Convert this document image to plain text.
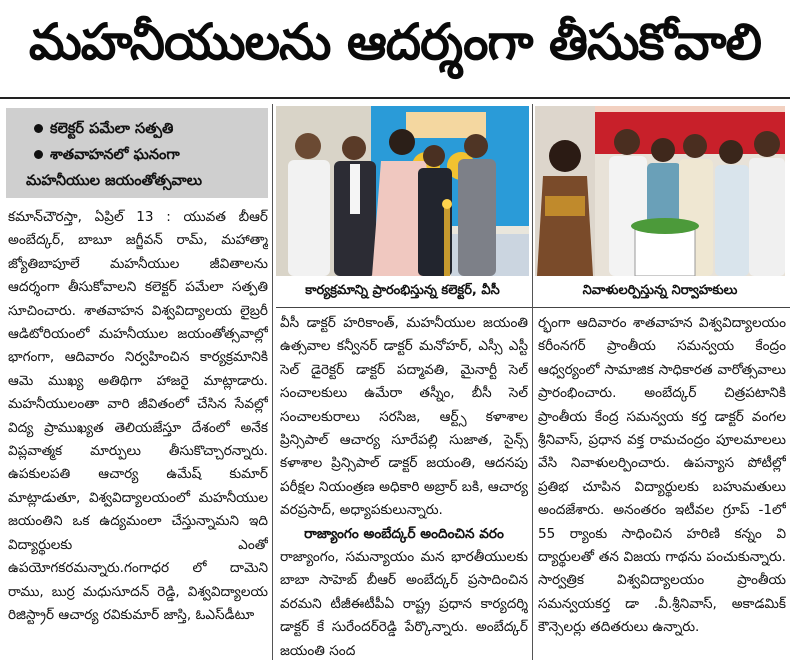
మహనీయులను ఆదర్శంగా తీసుకోవాలి
కలెక్టర్ పమేలా సత్పతి
శాతవాహనలో ఘనంగా
మహనీయుల జయంతోత్సవాలు
కార్యక్రమాన్ని ప్రారంభిస్తున్న కలెక్టర్, వీసీ	నివాళులర్పిస్తున్న నిర్వాహకులు

కమాన్‌చౌరస్తా, ఏప్రిల్ 13 : యువత బీఆర్ అంబేద్కర్, బాబూ జగ్జీవన్ రామ్, మహాత్మా జ్యోతిబాపూలే మహనీయుల జీవితాలను ఆదర్శంగా తీసుకోవాలని కలెక్టర్ పమేలా సత్పతి సూచించారు. శాతవాహన విశ్వవిద్యాలయ లైబ్రరీ ఆడిటోరియంలో మహనీయుల జయంతోత్సవాల్లో భాగంగా, ఆదివారం నిర్వహించిన కార్యక్రమానికి ఆమె ముఖ్య అతిథిగా హాజరై మాట్లాడారు. మహనీయులంతా వారి జీవితంలో చేసిన సేవల్లో విద్య ప్రాముఖ్యత తెలియజేస్తూ దేశంలో అనేక విప్లవాత్మక మార్పులు తీసుకొచ్చారన్నారు. ఉపకులపతి ఆచార్య ఉమేష్ కుమార్ మాట్లాడుతూ, విశ్వవిద్యాలయంలో మహనీయుల జయంతిని ఒక ఉద్యమంలా చేస్తున్నామని ఇది విద్యార్థులకు ఎంతో ఉపయోగకరమన్నారు.గంగాధర లో దామెని రాము, బుర్ర మధుసూదన్ రెడ్డి, విశ్వవిద్యాలయ రిజిస్ట్రార్ ఆచార్య రవికుమార్ జాస్తి, ఓఎస్‌డీటూ

వీసీ డాక్టర్ హరికాంత్, మహనీయుల జయంతి ఉత్సవాల కన్వీనర్ డాక్టర్ మనోహర్, ఎస్సీ ఎస్టీ సెల్ డైరెక్టర్ డాక్టర్ పద్మావతి, మైనార్టీ సెల్ సంచాలకులు ఉమేరా తస్నీం, బీసీ సెల్ సంచాలకురాలు సరసిజ, ఆర్ట్స్ కళాశాల ప్రిన్సిపాల్ ఆచార్య సూరేపల్లి సుజాత, సైన్స్ కళాశాల ప్రిన్సిపాల్ డాక్టర్ జయంతి, ఆదనపు పరీక్షల నియంత్రణ అధికారి అబ్రార్ బకి, ఆచార్య వరప్రసాద్, అధ్యాపకులున్నారు.

రాజ్యాంగం అంబేద్కర్ అందించిన వరం

రాజ్యాంగం, సమన్యాయం మన భారతీయులకు బాబా సాహెబ్ బీఆర్ అంబేద్కర్ ప్రసాదించిన వరమని టీజీఈటీపీఏ రాష్ట్ర ప్రధాన కార్యదర్శి డాక్టర్ కే సురేందర్‌రెడ్డి పేర్కొన్నారు. అంబేద్కర్ జయంతి సంద

ర్భంగా ఆదివారం శాతవాహన విశ్వవిద్యాలయం కరీంనగర్ ప్రాంతీయ సమన్వయ కేంద్రం ఆధ్వర్యంలో సామాజిక సాధికారత వారోత్సవాలు ప్రారంభించారు. అంబేద్కర్ చిత్రపటానికి ప్రాంతీయ కేంద్ర సమన్వయ కర్త డాక్టర్ వంగల శ్రీనివాస్, ప్రధాన వక్త రామచంద్రం పూలమాలలు వేసి నివాళులర్పించారు. ఉపన్యాస పోటీల్లో ప్రతిభ చూపిన విద్యార్థులకు బహుమతులు అందజేశారు. అనంతరం ఇటీవల గ్రూప్ -1లో 55 ర్యాంకు సాధించిన హరిణి కన్నం వి ద్యార్థులతో తన విజయ గాథను పంచుకున్నారు. సార్వత్రిక విశ్వవిద్యాలయం ప్రాంతీయ సమన్వయకర్త డా .వీ.శ్రీనివాస్, అకాడమిక్ కౌన్సెలర్లు తదితరులు ఉన్నారు.
